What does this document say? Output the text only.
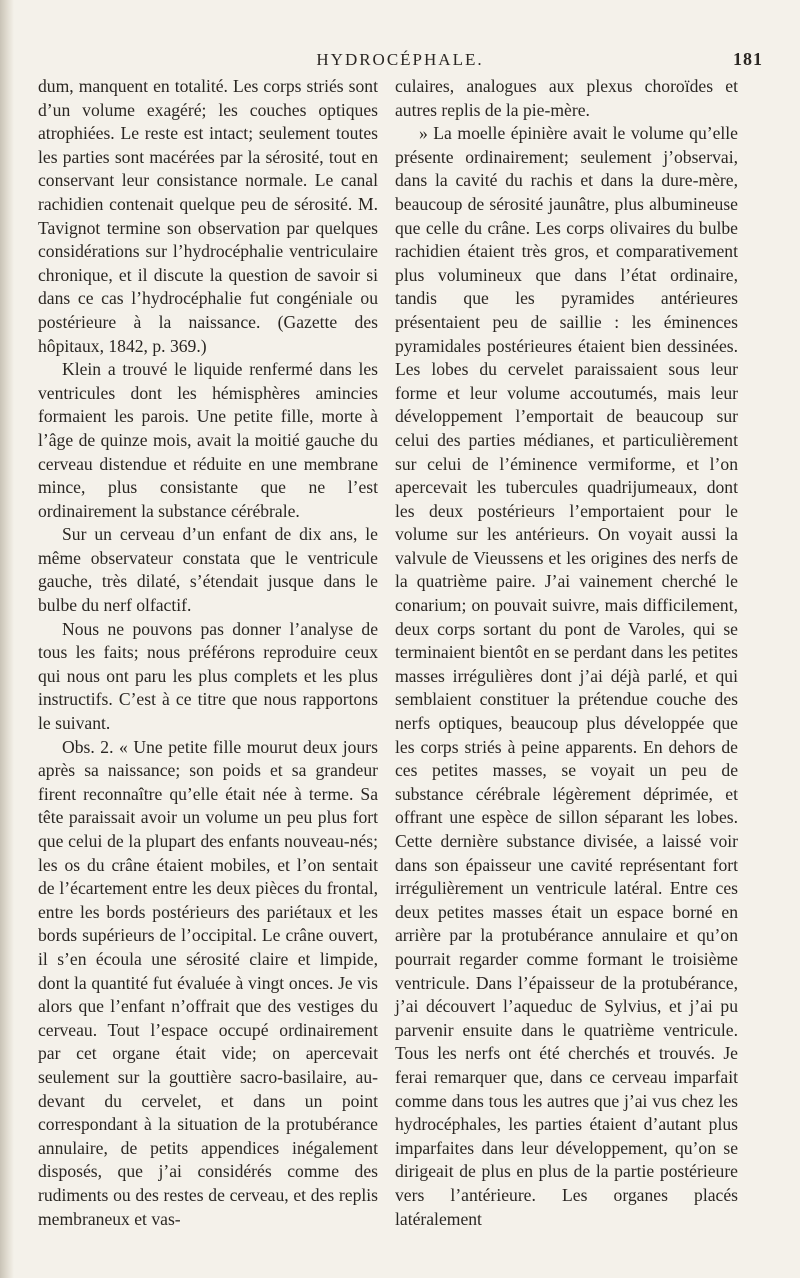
HYDROCÉPHALE.	181

dum, manquent en totalité. Les corps striés sont d’un volume exagéré; les couches optiques atrophiées. Le reste est intact; seulement toutes les parties sont macérées par la sérosité, tout en conservant leur consistance normale. Le canal rachidien contenait quelque peu de sérosité. M. Tavignot termine son observation par quelques considérations sur l’hydrocéphalie ventriculaire chronique, et il discute la question de savoir si dans ce cas l’hydrocéphalie fut congéniale ou postérieure à la naissance. (Gazette des hôpitaux, 1842, p. 369.)

Klein a trouvé le liquide renfermé dans les ventricules dont les hémisphères amincies formaient les parois. Une petite fille, morte à l’âge de quinze mois, avait la moitié gauche du cerveau distendue et réduite en une membrane mince, plus consistante que ne l’est ordinairement la substance cérébrale.

Sur un cerveau d’un enfant de dix ans, le même observateur constata que le ventricule gauche, très dilaté, s’étendait jusque dans le bulbe du nerf olfactif.

Nous ne pouvons pas donner l’analyse de tous les faits; nous préférons reproduire ceux qui nous ont paru les plus complets et les plus instructifs. C’est à ce titre que nous rapportons le suivant.

Obs. 2. « Une petite fille mourut deux jours après sa naissance; son poids et sa grandeur firent reconnaître qu’elle était née à terme. Sa tête paraissait avoir un volume un peu plus fort que celui de la plupart des enfants nouveau-nés; les os du crâne étaient mobiles, et l’on sentait de l’écartement entre les deux pièces du frontal, entre les bords postérieurs des pariétaux et les bords supérieurs de l’occipital. Le crâne ouvert, il s’en écoula une sérosité claire et limpide, dont la quantité fut évaluée à vingt onces. Je vis alors que l’enfant n’offrait que des vestiges du cerveau. Tout l’espace occupé ordinairement par cet organe était vide; on apercevait seulement sur la gouttière sacro-basilaire, au-devant du cervelet, et dans un point correspondant à la situation de la protubérance annulaire, de petits appendices inégalement disposés, que j’ai considérés comme des rudiments ou des restes de cerveau, et des replis membraneux et vas-

culaires, analogues aux plexus choroïdes et autres replis de la pie-mère.

» La moelle épinière avait le volume qu’elle présente ordinairement; seulement j’observai, dans la cavité du rachis et dans la dure-mère, beaucoup de sérosité jaunâtre, plus albumineuse que celle du crâne. Les corps olivaires du bulbe rachidien étaient très gros, et comparativement plus volumineux que dans l’état ordinaire, tandis que les pyramides antérieures présentaient peu de saillie : les éminences pyramidales postérieures étaient bien dessinées. Les lobes du cervelet paraissaient sous leur forme et leur volume accoutumés, mais leur développement l’emportait de beaucoup sur celui des parties médianes, et particulièrement sur celui de l’éminence vermiforme, et l’on apercevait les tubercules quadrijumeaux, dont les deux postérieurs l’emportaient pour le volume sur les antérieurs. On voyait aussi la valvule de Vieussens et les origines des nerfs de la quatrième paire. J’ai vainement cherché le conarium; on pouvait suivre, mais difficilement, deux corps sortant du pont de Varoles, qui se terminaient bientôt en se perdant dans les petites masses irrégulières dont j’ai déjà parlé, et qui semblaient constituer la prétendue couche des nerfs optiques, beaucoup plus développée que les corps striés à peine apparents. En dehors de ces petites masses, se voyait un peu de substance cérébrale légèrement déprimée, et offrant une espèce de sillon séparant les lobes. Cette dernière substance divisée, a laissé voir dans son épaisseur une cavité représentant fort irrégulièrement un ventricule latéral. Entre ces deux petites masses était un espace borné en arrière par la protubérance annulaire et qu’on pourrait regarder comme formant le troisième ventricule. Dans l’épaisseur de la protubérance, j’ai découvert l’aqueduc de Sylvius, et j’ai pu parvenir ensuite dans le quatrième ventricule. Tous les nerfs ont été cherchés et trouvés. Je ferai remarquer que, dans ce cerveau imparfait comme dans tous les autres que j’ai vus chez les hydrocéphales, les parties étaient d’autant plus imparfaites dans leur développement, qu’on se dirigeait de plus en plus de la partie postérieure vers l’antérieure. Les organes placés latéralement
